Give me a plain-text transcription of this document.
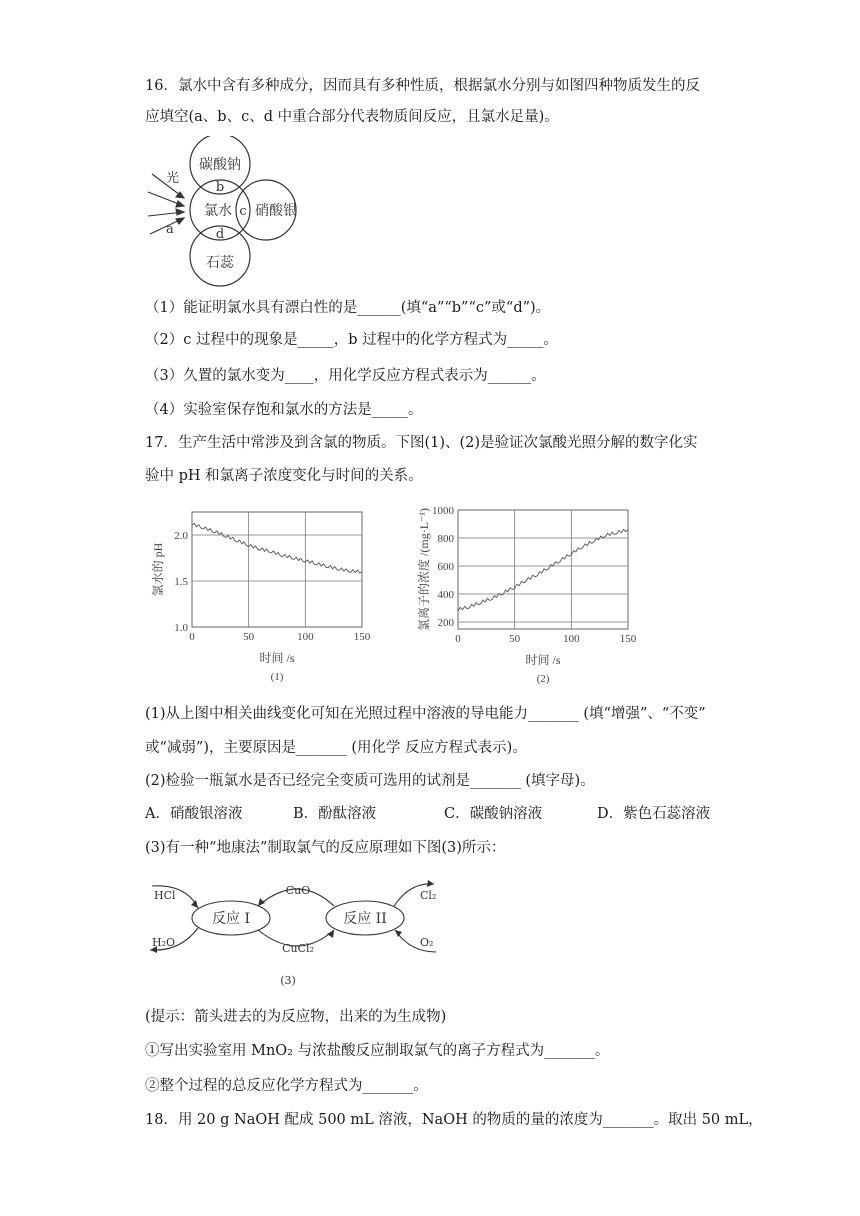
16．氯水中含有多种成分，因而具有多种性质，根据氯水分别与如图四种物质发生的反
应填空(a、b、c、d 中重合部分代表物质间反应，且氯水足量)。
光
a
碳酸钠
b
氯水 c 硝酸银
d
石蕊
（1）能证明氯水具有漂白性的是______(填“a”“b”“c”或“d”)。
（2）c 过程中的现象是_____，b 过程中的化学方程式为_____。
（3）久置的氯水变为____，用化学反应方程式表示为______。
（4）实验室保存饱和氯水的方法是_____。
17．生产生活中常涉及到含氯的物质。下图(1)、(2)是验证次氯酸光照分解的数字化实
验中 pH 和氯离子浓度变化与时间的关系。
0	50	100	150
1.0
1.5
2.0
时间 /s
氯水的 pH
(1)
0	50	100	150
200
400
600
800
1000
时间 /s
氯离子的浓度 /(mg·L⁻¹)
(2)
(1)从上图中相关曲线变化可知在光照过程中溶液的导电能力_______ (填“增强”、“不变”
或“减弱”)，主要原因是_______ (用化学 反应方程式表示)。
(2)检验一瓶氯水是否已经完全变质可选用的试剂是_______ (填字母)。
A．硝酸银溶液	B．酚酞溶液	C．碳酸钠溶液	D．紫色石蕊溶液
(3)有一种“地康法”制取氯气的反应原理如下图(3)所示：
HCl
H₂O
CuO
CuCl₂
Cl₂
O₂
反应 I	反应 II
(3)
(提示：箭头进去的为反应物，出来的为生成物)
①写出实验室用 MnO₂ 与浓盐酸反应制取氯气的离子方程式为_______。
②整个过程的总反应化学方程式为_______。
18．用 20 g NaOH 配成 500 mL 溶液，NaOH 的物质的量的浓度为_______。取出 50 mL，
